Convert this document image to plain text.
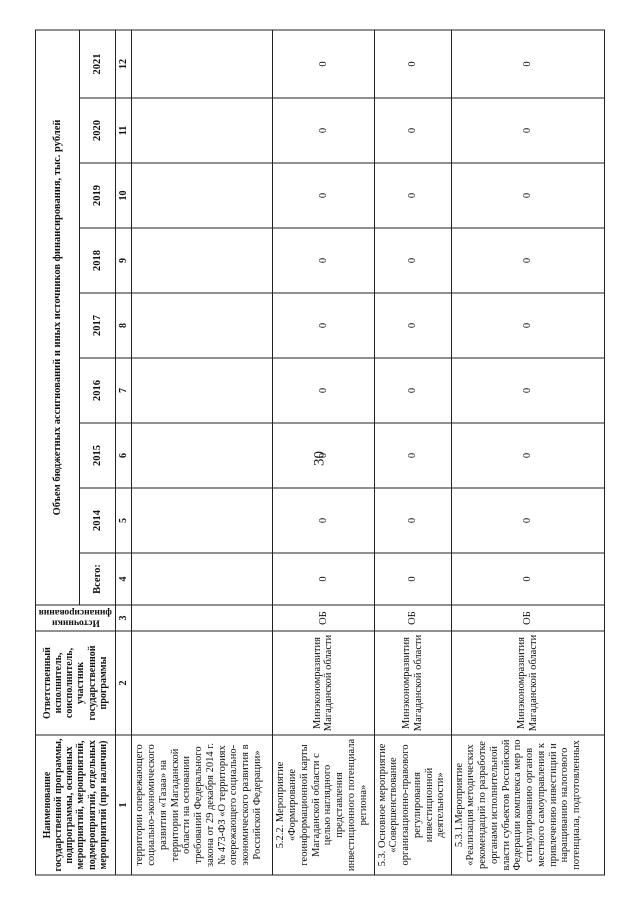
30
Наименование государственной программы, подпрограммы, основных мероприятий, мероприятий, подмероприятий, отдельных мероприятий (при наличии)	Ответственный исполнитель, соисполнитель, участник государственной программы	Источники финансирования	Объем бюджетных ассигнований и иных источников финансирования, тыс. рублей								
			Всего:	2014	2015	2016	2017	2018	2019	2020	2021
1	2	3	4	5	6	7	8	9	10	11	12
территории опережающего социально-экономического развития «Тазаа» на территории Магаданской области на основании требований Федерального закона от 29 декабря 2014 г. № 473-ФЗ «О территориях опережающего социально-экономического развития в Российской Федерации»											
5.2.2. Мероприятие «Формирование геоинформационной карты Магаданской области с целью наглядного представления инвестиционного потенциала региона»	Минэкономразвития Магаданской области	ОБ	0	0	0	0	0	0	0	0	0
5.3. Основное мероприятие «Совершенствование организационно-правового регулирования инвестиционной деятельности»	Минэкономразвития Магаданской области	ОБ	0	0	0	0	0	0	0	0	0
5.3.1.Мероприятие «Реализация методических рекомендаций по разработке органами исполнительной власти субъектов Российской Федерации комплекса мер по стимулированию органов местного самоуправления к привлечению инвестиций и наращиванию налогового потенциала, подготовленных	Минэкономразвития Магаданской области	ОБ	0	0	0	0	0	0	0	0	0
